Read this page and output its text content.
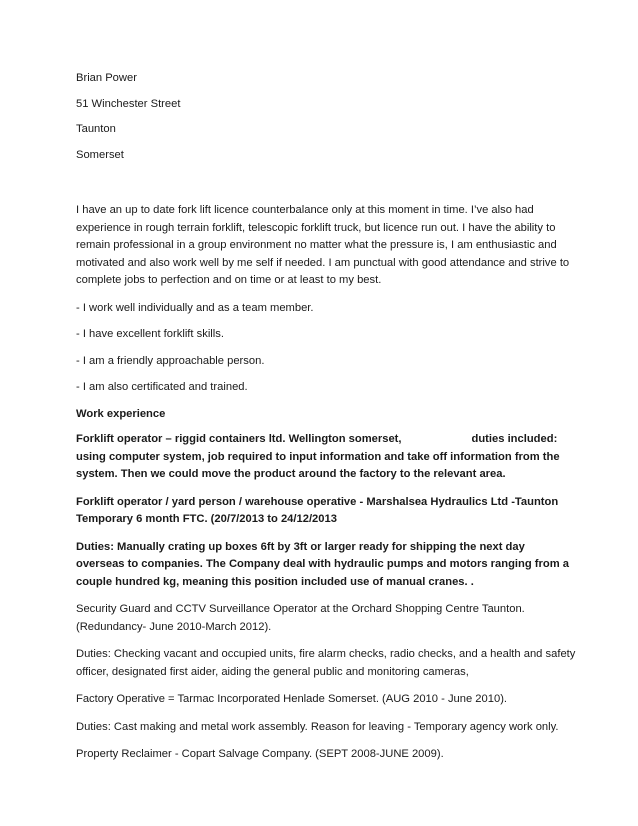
Brian Power

51 Winchester Street

Taunton

Somerset

I have an up to date fork lift licence counterbalance only at this moment in time. I’ve also had experience in rough terrain forklift, telescopic forklift truck, but licence run out. I have the ability to remain professional in a group environment no matter what the pressure is, I am enthusiastic and motivated and also work well by me self if needed. I am punctual with good attendance and strive to complete jobs to perfection and on time or at least to my best.

- I work well individually and as a team member.

- I have excellent forklift skills.

- I am a friendly approachable person.

- I am also certificated and trained.

Work experience

Forklift operator – riggid containers ltd. Wellington somerset,	duties included: using computer system, job required to input information and take off information from the system. Then we could move the product around the factory to the relevant area.

Forklift operator / yard person / warehouse operative - Marshalsea Hydraulics Ltd -Taunton Temporary 6 month FTC. (20/7/2013 to 24/12/2013

Duties: Manually crating up boxes 6ft by 3ft or larger ready for shipping the next day overseas to companies. The Company deal with hydraulic pumps and motors ranging from a couple hundred kg, meaning this position included use of manual cranes. .

Security Guard and CCTV Surveillance Operator at the Orchard Shopping Centre Taunton. (Redundancy- June 2010-March 2012).

Duties: Checking vacant and occupied units, fire alarm checks, radio checks, and a health and safety officer, designated first aider, aiding the general public and monitoring cameras,

Factory Operative = Tarmac Incorporated Henlade Somerset. (AUG 2010 - June 2010).

Duties: Cast making and metal work assembly. Reason for leaving - Temporary agency work only.

Property Reclaimer - Copart Salvage Company. (SEPT 2008-JUNE 2009).
